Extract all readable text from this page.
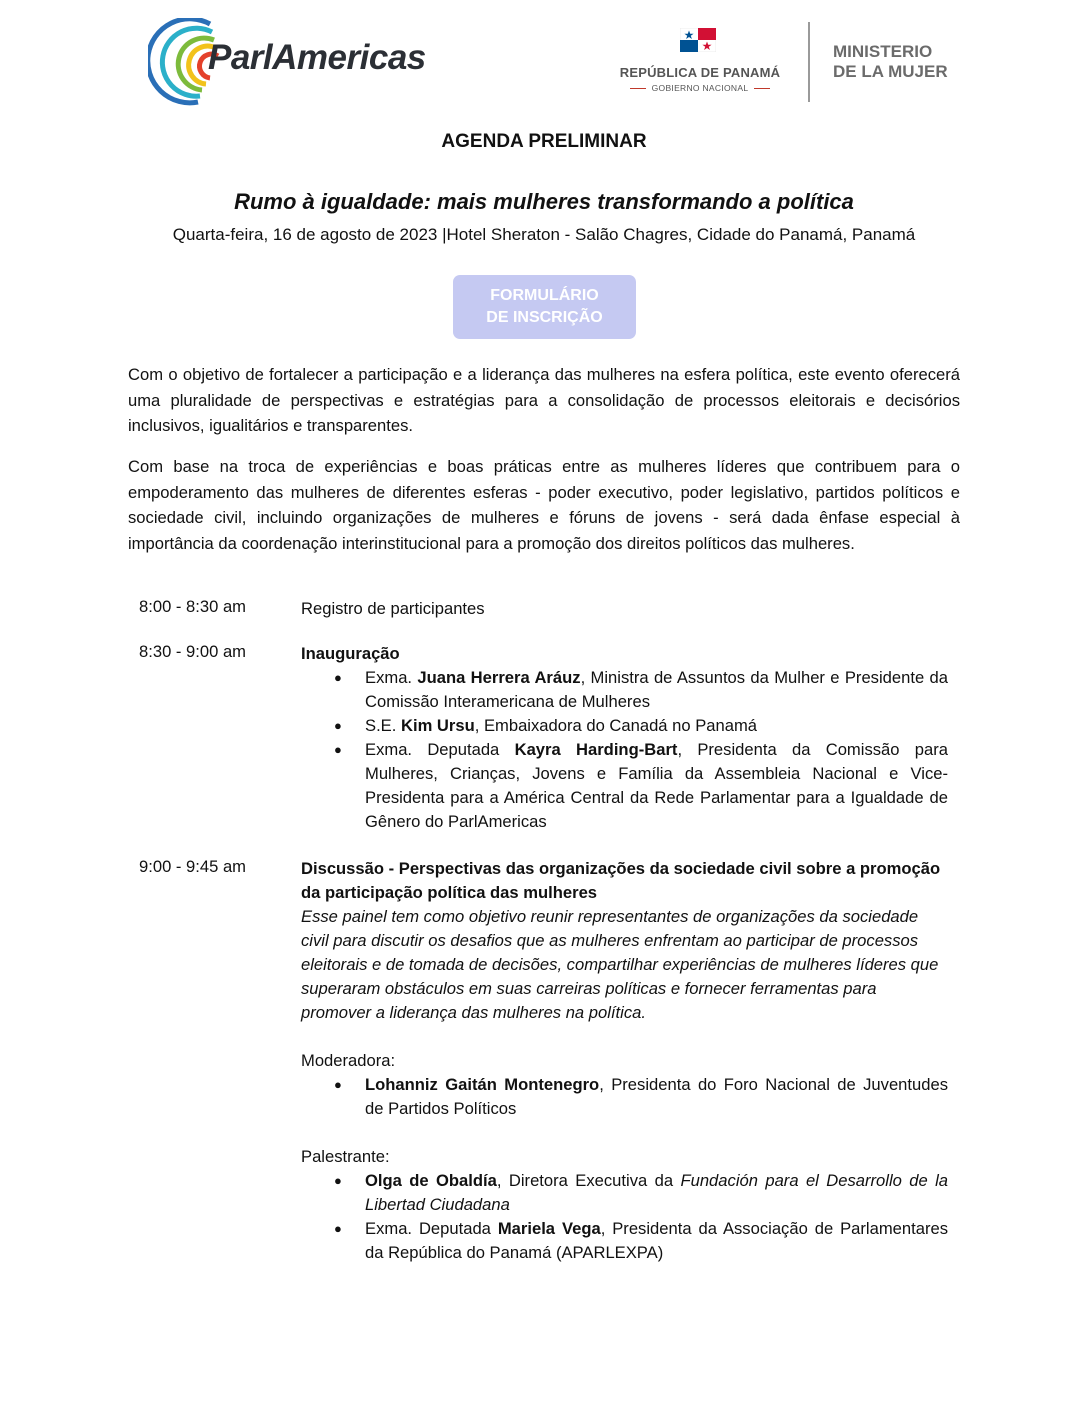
ParlAmericas	REPÚBLICA DE PANAMÁ
GOBIERNO NACIONAL
MINISTERIO
DE LA MUJER
AGENDA PRELIMINAR
Rumo à igualdade: mais mulheres transformando a política
Quarta-feira, 16 de agosto de 2023 |Hotel Sheraton - Salão Chagres, Cidade do Panamá, Panamá
FORMULÁRIO
DE INSCRIÇÃO

Com o objetivo de fortalecer a participação e a liderança das mulheres na esfera política, este evento oferecerá uma pluralidade de perspectivas e estratégias para a consolidação de processos eleitorais e decisórios inclusivos, igualitários e transparentes.

Com base na troca de experiências e boas práticas entre as mulheres líderes que contribuem para o empoderamento das mulheres de diferentes esferas - poder executivo, poder legislativo, partidos políticos e sociedade civil, incluindo organizações de mulheres e fóruns de jovens - será dada ênfase especial à importância da coordenação interinstitucional para a promoção dos direitos políticos das mulheres.

8:00 - 8:30 am	Registro de participantes
8:30 - 9:00 am	Inauguração
● Exma. Juana Herrera Aráuz, Ministra de Assuntos da Mulher e Presidente da Comissão Interamericana de Mulheres
● S.E. Kim Ursu, Embaixadora do Canadá no Panamá
● Exma. Deputada Kayra Harding-Bart, Presidenta da Comissão para Mulheres, Crianças, Jovens e Família da Assembleia Nacional e Vice-Presidenta para a América Central da Rede Parlamentar para a Igualdade de Gênero do ParlAmericas
9:00 - 9:45 am	Discussão - Perspectivas das organizações da sociedade civil sobre a promoção da participação política das mulheres
Esse painel tem como objetivo reunir representantes de organizações da sociedade civil para discutir os desafios que as mulheres enfrentam ao participar de processos eleitorais e de tomada de decisões, compartilhar experiências de mulheres líderes que superaram obstáculos em suas carreiras políticas e fornecer ferramentas para promover a liderança das mulheres na política.
Moderadora:
● Lohanniz Gaitán Montenegro, Presidenta do Foro Nacional de Juventudes de Partidos Políticos
Palestrante:
● Olga de Obaldía, Diretora Executiva da Fundación para el Desarrollo de la Libertad Ciudadana
● Exma. Deputada Mariela Vega, Presidenta da Associação de Parlamentares da República do Panamá (APARLEXPA)
